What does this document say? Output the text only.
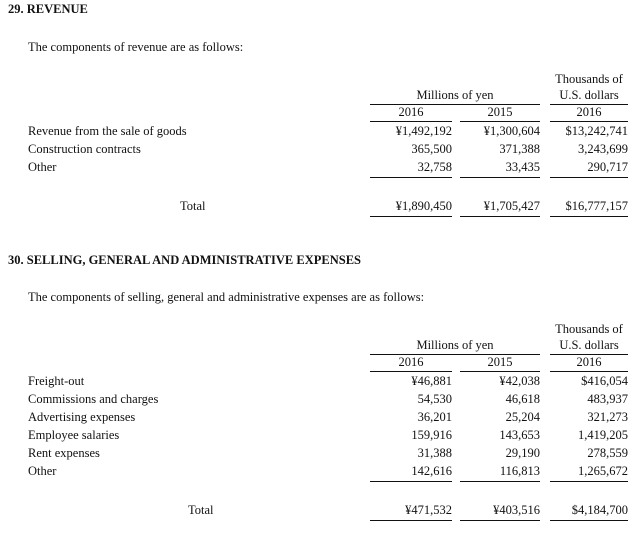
29. REVENUE
The components of revenue are as follows:
Thousands of
U.S. dollars
Millions of yen
2016	2015	2016
Revenue from the sale of goods	¥1,492,192	¥1,300,604	$13,242,741
Construction contracts	365,500	371,388	3,243,699
Other	32,758	33,435	290,717
Total	¥1,890,450	¥1,705,427	$16,777,157
30. SELLING, GENERAL AND ADMINISTRATIVE EXPENSES
The components of selling, general and administrative expenses are as follows:
Thousands of
U.S. dollars
Millions of yen
2016	2015	2016
Freight-out	¥46,881	¥42,038	$416,054
Commissions and charges	54,530	46,618	483,937
Advertising expenses	36,201	25,204	321,273
Employee salaries	159,916	143,653	1,419,205
Rent expenses	31,388	29,190	278,559
Other	142,616	116,813	1,265,672
Total	¥471,532	¥403,516	$4,184,700
